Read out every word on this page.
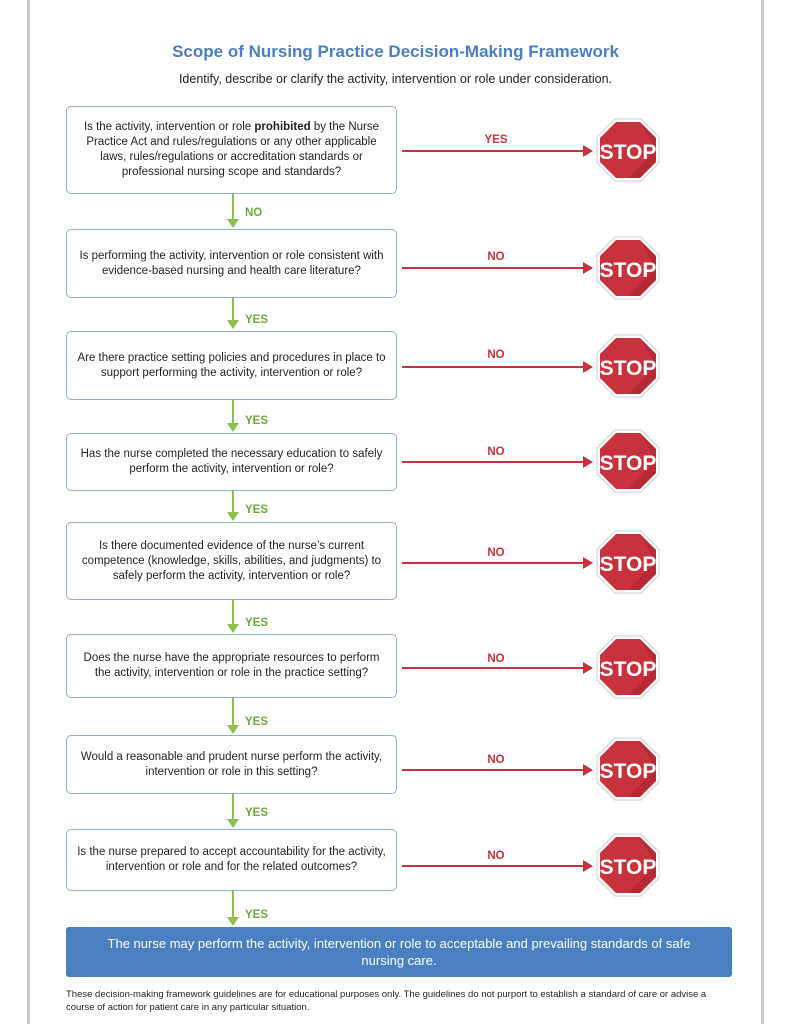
Scope of Nursing Practice Decision-Making Framework

Identify, describe or clarify the activity, intervention or role under consideration.

Is the activity, intervention or role prohibited by the Nurse Practice Act and rules/regulations or any other applicable laws, rules/regulations or accreditation standards or professional nursing scope and standards?
Is performing the activity, intervention or role consistent with evidence-based nursing and health care literature?
Are there practice setting policies and procedures in place to support performing the activity, intervention or role?
Has the nurse completed the necessary education to safely perform the activity, intervention or role?
Is there documented evidence of the nurse’s current competence (knowledge, skills, abilities, and judgments) to safely perform the activity, intervention or role?
Does the nurse have the appropriate resources to perform the activity, intervention or role in the practice setting?
Would a reasonable and prudent nurse perform the activity, intervention or role in this setting?
Is the nurse prepared to accept accountability for the activity, intervention or role and for the related outcomes?
NO
YES
YES
YES
YES
YES
YES
YES
YES
NO
NO
NO
NO
NO
NO
NO
STOP
STOP
STOP
STOP
STOP
STOP
STOP
STOP
The nurse may perform the activity, intervention or role to acceptable and prevailing standards of safe nursing care.

These decision-making framework guidelines are for educational purposes only. The guidelines do not purport to establish a standard of care or advise a course of action for patient care in any particular situation.
